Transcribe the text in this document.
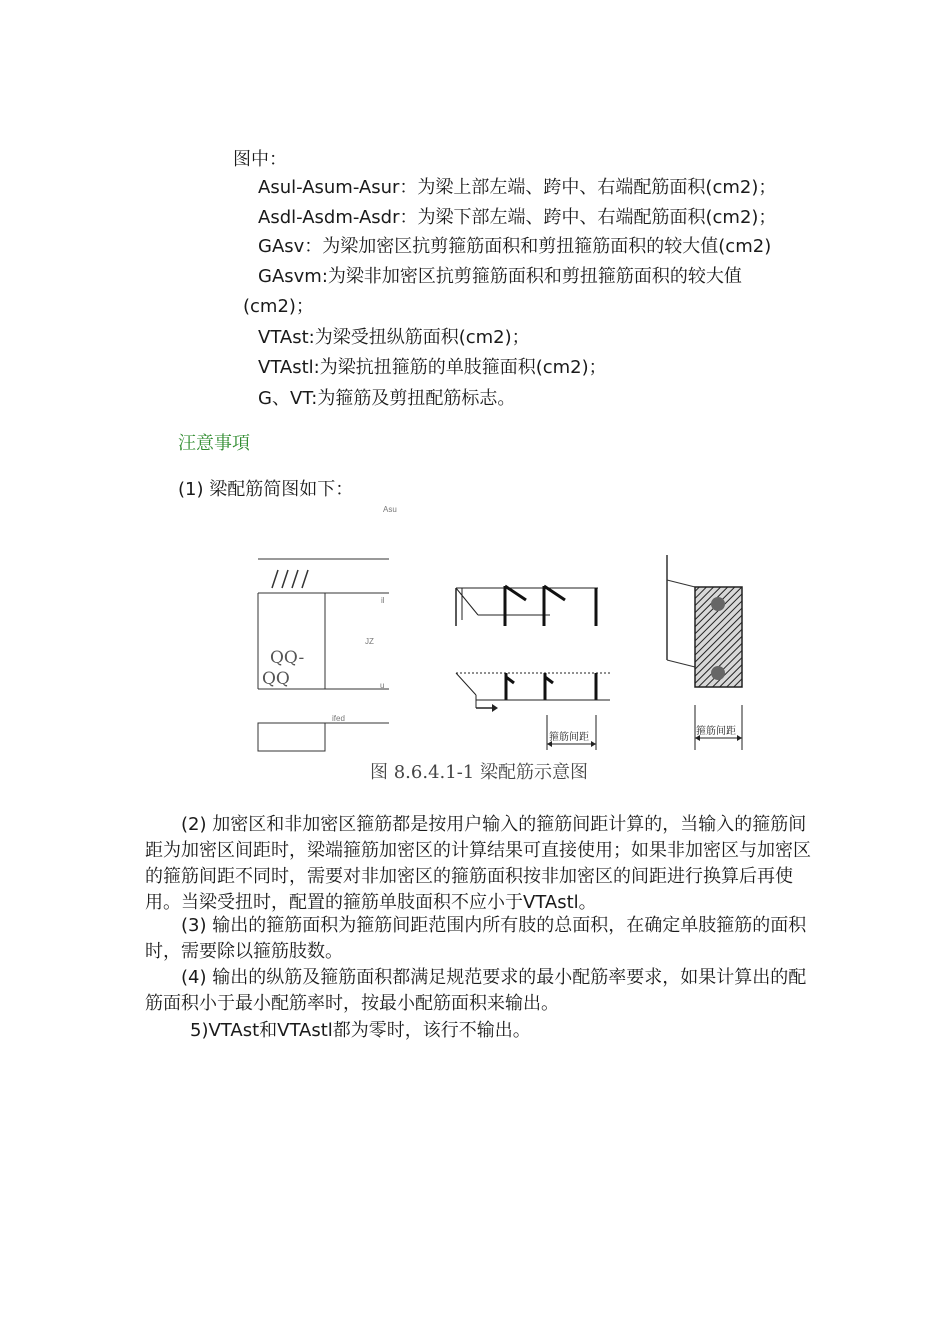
图中：
Asul-Asum-Asur：为梁上部左端、跨中、右端配筋面积(cm2)；
Asdl-Asdm-Asdr：为梁下部左端、跨中、右端配筋面积(cm2)；
GAsv：为梁加密区抗剪箍筋面积和剪扭箍筋面积的较大值(cm2)
GAsvm:为梁非加密区抗剪箍筋面积和剪扭箍筋面积的较大值
(cm2)；
VTAst:为梁受扭纵筋面积(cm2)；
VTAstl:为梁抗扭箍筋的单肢箍面积(cm2)；
G、VT:为箍筋及剪扭配筋标志。
汪意事項
(1) 梁配筋简图如下：
Asu
il
JZ
u
QQ-
QQ
ifed
箍筋间距
箍筋间距
图 8.6.4.1-1 梁配筋示意图
(2) 加密区和非加密区箍筋都是按用户输入的箍筋间距计算的，当输入的箍筋间距为加密区间距时，梁端箍筋加密区的计算结果可直接使用；如果非加密区与加密区的箍筋间距不同时，需要对非加密区的箍筋面积按非加密区的间距进行换算后再使用。当梁受扭时，配置的箍筋单肢面积不应小于VTAstl。
(3) 输出的箍筋面积为箍筋间距范围内所有肢的总面积，在确定单肢箍筋的面积时，需要除以箍筋肢数。
(4) 输出的纵筋及箍筋面积都满足规范要求的最小配筋率要求，如果计算出的配筋面积小于最小配筋率时，按最小配筋面积来输出。
5)VTAst和VTAstl都为零时，该行不输出。
